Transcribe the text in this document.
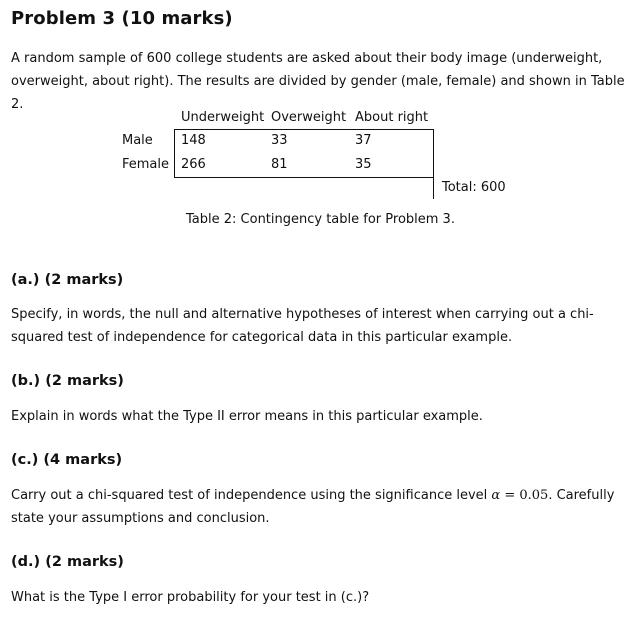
Problem 3 (10 marks)
A random sample of 600 college students are asked about their body image (underweight, overweight, about right). The results are divided by gender (male, female) and shown in Table 2.
Underweight Overweight About right
Male 148	33	37
Female 266	81	35
Total: 600
Table 2: Contingency table for Problem 3.
(a.) (2 marks)
Specify, in words, the null and alternative hypotheses of interest when carrying out a chi-squared test of independence for categorical data in this particular example.
(b.) (2 marks)
Explain in words what the Type II error means in this particular example.
(c.) (4 marks)
Carry out a chi-squared test of independence using the significance level α = 0.05. Carefully state your assumptions and conclusion.
(d.) (2 marks)
What is the Type I error probability for your test in (c.)?
